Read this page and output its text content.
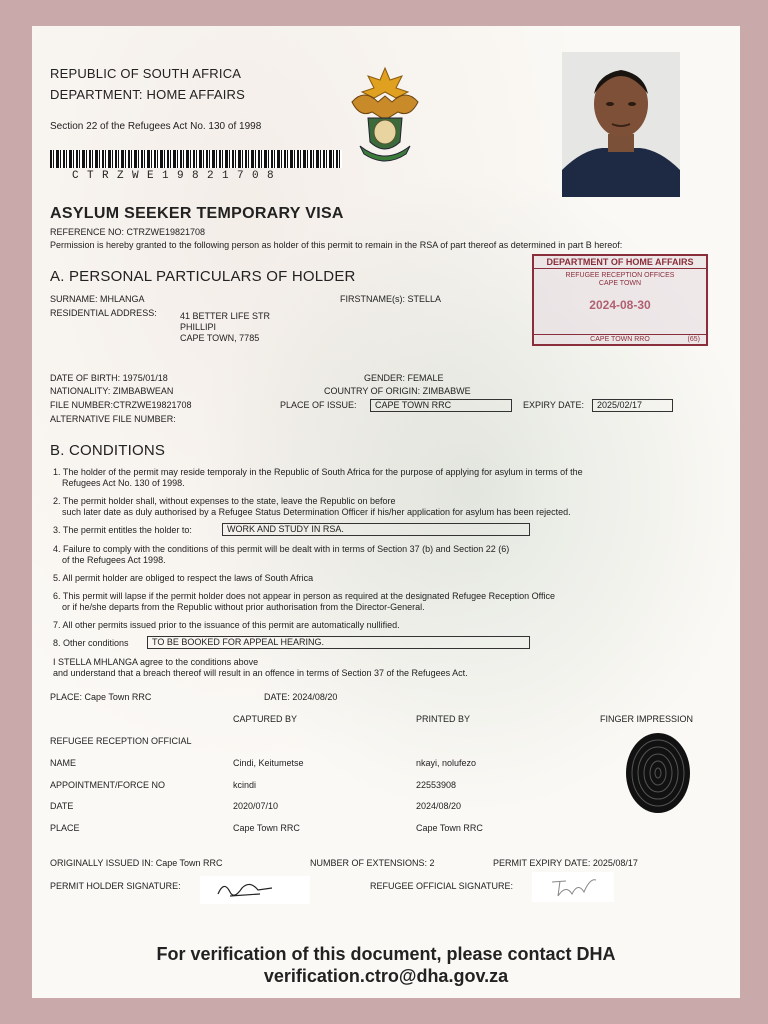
REPUBLIC OF SOUTH AFRICA
DEPARTMENT: HOME AFFAIRS
Section 22 of the Refugees Act No. 130 of 1998
CTRZWE19821708
ASYLUM SEEKER TEMPORARY VISA
REFERENCE NO: CTRZWE19821708
Permission is hereby granted to the following person as holder of this permit to remain in the RSA of part thereof as determined in part B hereof:
DEPARTMENT OF HOME AFFAIRS
REFUGEE RECEPTION OFFICES
CAPE TOWN
2024-08-30
CAPE TOWN RRO	(65)
A. PERSONAL PARTICULARS OF HOLDER
SURNAME: MHLANGA	FIRSTNAME(s): STELLA
RESIDENTIAL ADDRESS:	41 BETTER LIFE STR
PHILLIPI
CAPE TOWN, 7785
DATE OF BIRTH: 1975/01/18	GENDER: FEMALE
NATIONALITY: ZIMBABWEAN	COUNTRY OF ORIGIN: ZIMBABWE
FILE NUMBER:CTRZWE19821708	PLACE OF ISSUE:	CAPE TOWN RRC	EXPIRY DATE:	2025/02/17
ALTERNATIVE FILE NUMBER:
B. CONDITIONS
1. The holder of the permit may reside temporaly in the Republic of South Africa for the purpose of applying for asylum in terms of the
Refugees Act No. 130 of 1998.
2. The permit holder shall, without expenses to the state, leave the Republic on before
such later date as duly authorised by a Refugee Status Determination Officer if his/her application for asylum has been rejected.
3. The permit entitles the holder to:	WORK AND STUDY IN RSA.
4. Failure to comply with the conditions of this permit will be dealt with in terms of Section 37 (b) and Section 22 (6)
of the Refugees Act 1998.
5. All permit holder are obliged to respect the laws of South Africa
6. This permit will lapse if the permit holder does not appear in person as required at the designated Refugee Reception Office
or if he/she departs from the Republic without prior authorisation from the Director-General.
7. All other permits issued prior to the issuance of this permit are automatically nullified.
8. Other conditions	TO BE BOOKED FOR APPEAL HEARING.
I STELLA MHLANGA agree to the conditions above
and understand that a breach thereof will result in an offence in terms of Section 37 of the Refugees Act.
PLACE: Cape Town RRC	DATE: 2024/08/20
CAPTURED BY	PRINTED BY	FINGER IMPRESSION
REFUGEE RECEPTION OFFICIAL
NAME	Cindi, Keitumetse	nkayi, nolufezo
APPOINTMENT/FORCE NO	kcindi	22553908
DATE	2020/07/10	2024/08/20
PLACE	Cape Town RRC	Cape Town RRC
ORIGINALLY ISSUED IN: Cape Town RRC	NUMBER OF EXTENSIONS: 2	PERMIT EXPIRY DATE: 2025/08/17
PERMIT HOLDER SIGNATURE:	REFUGEE OFFICIAL SIGNATURE:
For verification of this document, please contact DHA
verification.ctro@dha.gov.za
